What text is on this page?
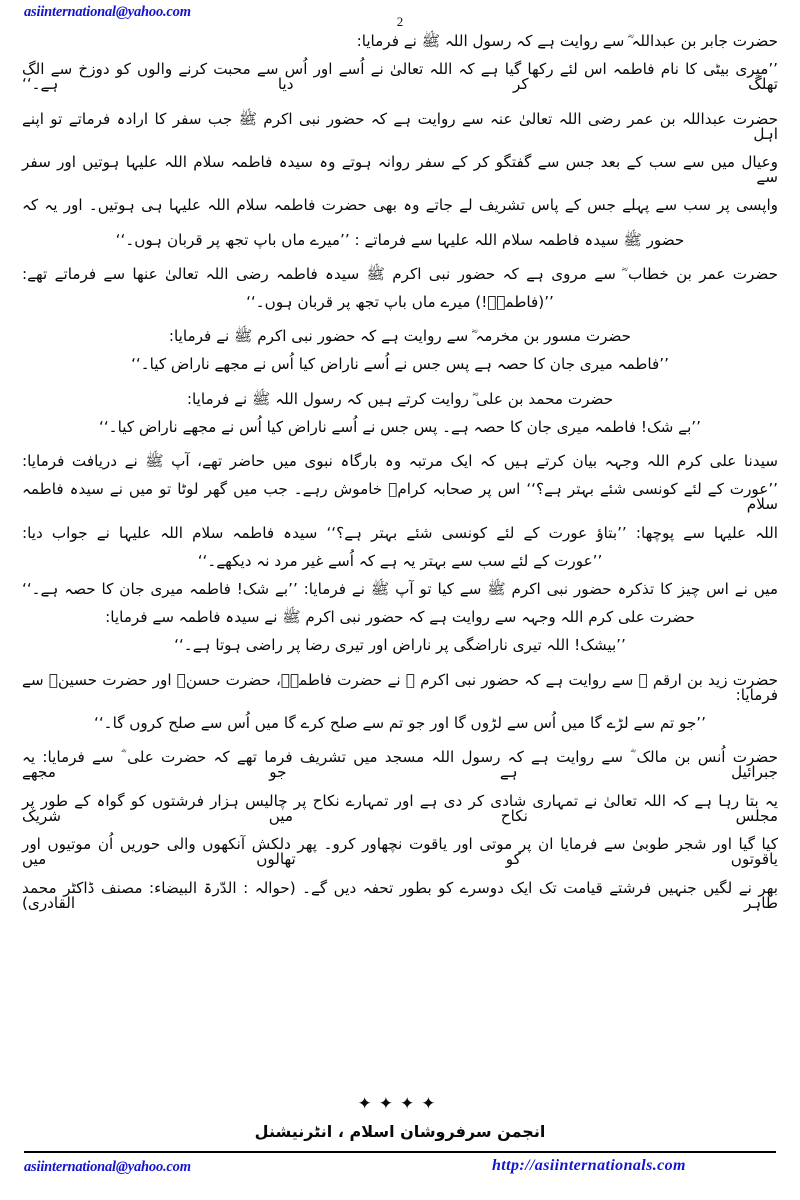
asiinternational@yahoo.com
2
حضرت جابر بن عبداللہ ؓ سے روایت ہے کہ رسول اللہ ﷺ نے فرمایا:
’’میری بیٹی کا نام فاطمہ اس لئے رکھا گیا ہے کہ اللہ تعالیٰ نے اُسے اور اُس سے محبت کرنے والوں کو دوزخ سے الگ تھلگ کر دیا ہے۔‘‘
حضرت عبداللہ بن عمر رضی اللہ تعالیٰ عنہ سے روایت ہے کہ حضور نبی اکرم ﷺ جب سفر کا ارادہ فرماتے تو اپنے اہل
وعیال میں سے سب کے بعد جس سے گفتگو کر کے سفر روانہ ہوتے وہ سیدہ فاطمہ سلام اللہ علیہا ہوتیں اور سفر سے
واپسی پر سب سے پہلے جس کے پاس تشریف لے جاتے وہ بھی حضرت فاطمہ سلام اللہ علیہا ہی ہوتیں۔ اور یہ کہ
حضور ﷺ سیدہ فاطمہ سلام اللہ علیہا سے فرماتے : ’’میرے ماں باپ تجھ پر قربان ہوں۔‘‘
حضرت عمر بن خطاب ؓ سے مروی ہے کہ حضور نبی اکرم ﷺ سیدہ فاطمہ رضی اللہ تعالیٰ عنھا سے فرماتے تھے:
’’(فاطمہؓ!) میرے ماں باپ تجھ پر قربان ہوں۔‘‘
حضرت مسور بن مخرمہ ؓ سے روایت ہے کہ حضور نبی اکرم ﷺ نے فرمایا:
’’فاطمہ میری جان کا حصہ ہے پس جس نے اُسے ناراض کیا اُس نے مجھے ناراض کیا۔‘‘
حضرت محمد بن علی ؓ روایت کرتے ہیں کہ رسول اللہ ﷺ نے فرمایا:
’’بے شک! فاطمہ میری جان کا حصہ ہے۔ پس جس نے اُسے ناراض کیا اُس نے مجھے ناراض کیا۔‘‘
سیدنا علی کرم اللہ وجہہ بیان کرتے ہیں کہ ایک مرتبہ وہ بارگاہ نبوی میں حاضر تھے، آپ ﷺ نے دریافت فرمایا:
’’عورت کے لئے کونسی شئے بہتر ہے؟‘‘ اس پر صحابہ کرامؓ خاموش رہے۔ جب میں گھر لوٹا تو میں نے سیدہ فاطمہ سلام
اللہ علیہا سے پوچھا: ’’بتاؤ عورت کے لئے کونسی شئے بہتر ہے؟‘‘ سیدہ فاطمہ سلام اللہ علیہا نے جواب دیا:
’’عورت کے لئے سب سے بہتر یہ ہے کہ اُسے غیر مرد نہ دیکھے۔‘‘
میں نے اس چیز کا تذکرہ حضور نبی اکرم ﷺ سے کیا تو آپ ﷺ نے فرمایا: ’’بے شک! فاطمہ میری جان کا حصہ ہے۔‘‘
حضرت علی کرم اللہ وجہہ سے روایت ہے کہ حضور نبی اکرم ﷺ نے سیدہ فاطمہ سے فرمایا:
’’بیشک! اللہ تیری ناراضگی پر ناراض اور تیری رضا پر راضی ہوتا ہے۔‘‘
حضرت زید بن ارقم ؓ سے روایت ہے کہ حضور نبی اکرم ﷺ نے حضرت فاطمہؓ، حضرت حسنؓ اور حضرت حسینؓ سے فرمایا:
’’جو تم سے لڑے گا میں اُس سے لڑوں گا اور جو تم سے صلح کرے گا میں اُس سے صلح کروں گا۔‘‘
حضرت اُنس بن مالک ؓ سے روایت ہے کہ رسول اللہ مسجد میں تشریف فرما تھے کہ حضرت علی ؓ سے فرمایا: یہ جبرائیل ہے جو مجھے
یہ بتا رہا ہے کہ اللہ تعالیٰ نے تمہاری شادی کر دی ہے اور تمہارے نکاح پر چالیس ہزار فرشتوں کو گواہ کے طور پر مجلس نکاح میں شریک
کیا گیا اور شجر طوبیٰ سے فرمایا ان پر موتی اور یاقوت نچھاور کرو۔ پھر دلکش آنکھوں والی حوریں اُن موتیوں اور یاقوتوں کو تھالوں میں
بھر نے لگیں جنہیں فرشتے قیامت تک ایک دوسرے کو بطور تحفہ دیں گے۔ (حوالہ : الدّرۃ البیضاء: مصنف ڈاکٹر محمد طاہر القادری)
✦✦✦✦
انجمن سرفروشان اسلام ، انٹرنیشنل
asiinternational@yahoo.com	http://asiinternationals.com
